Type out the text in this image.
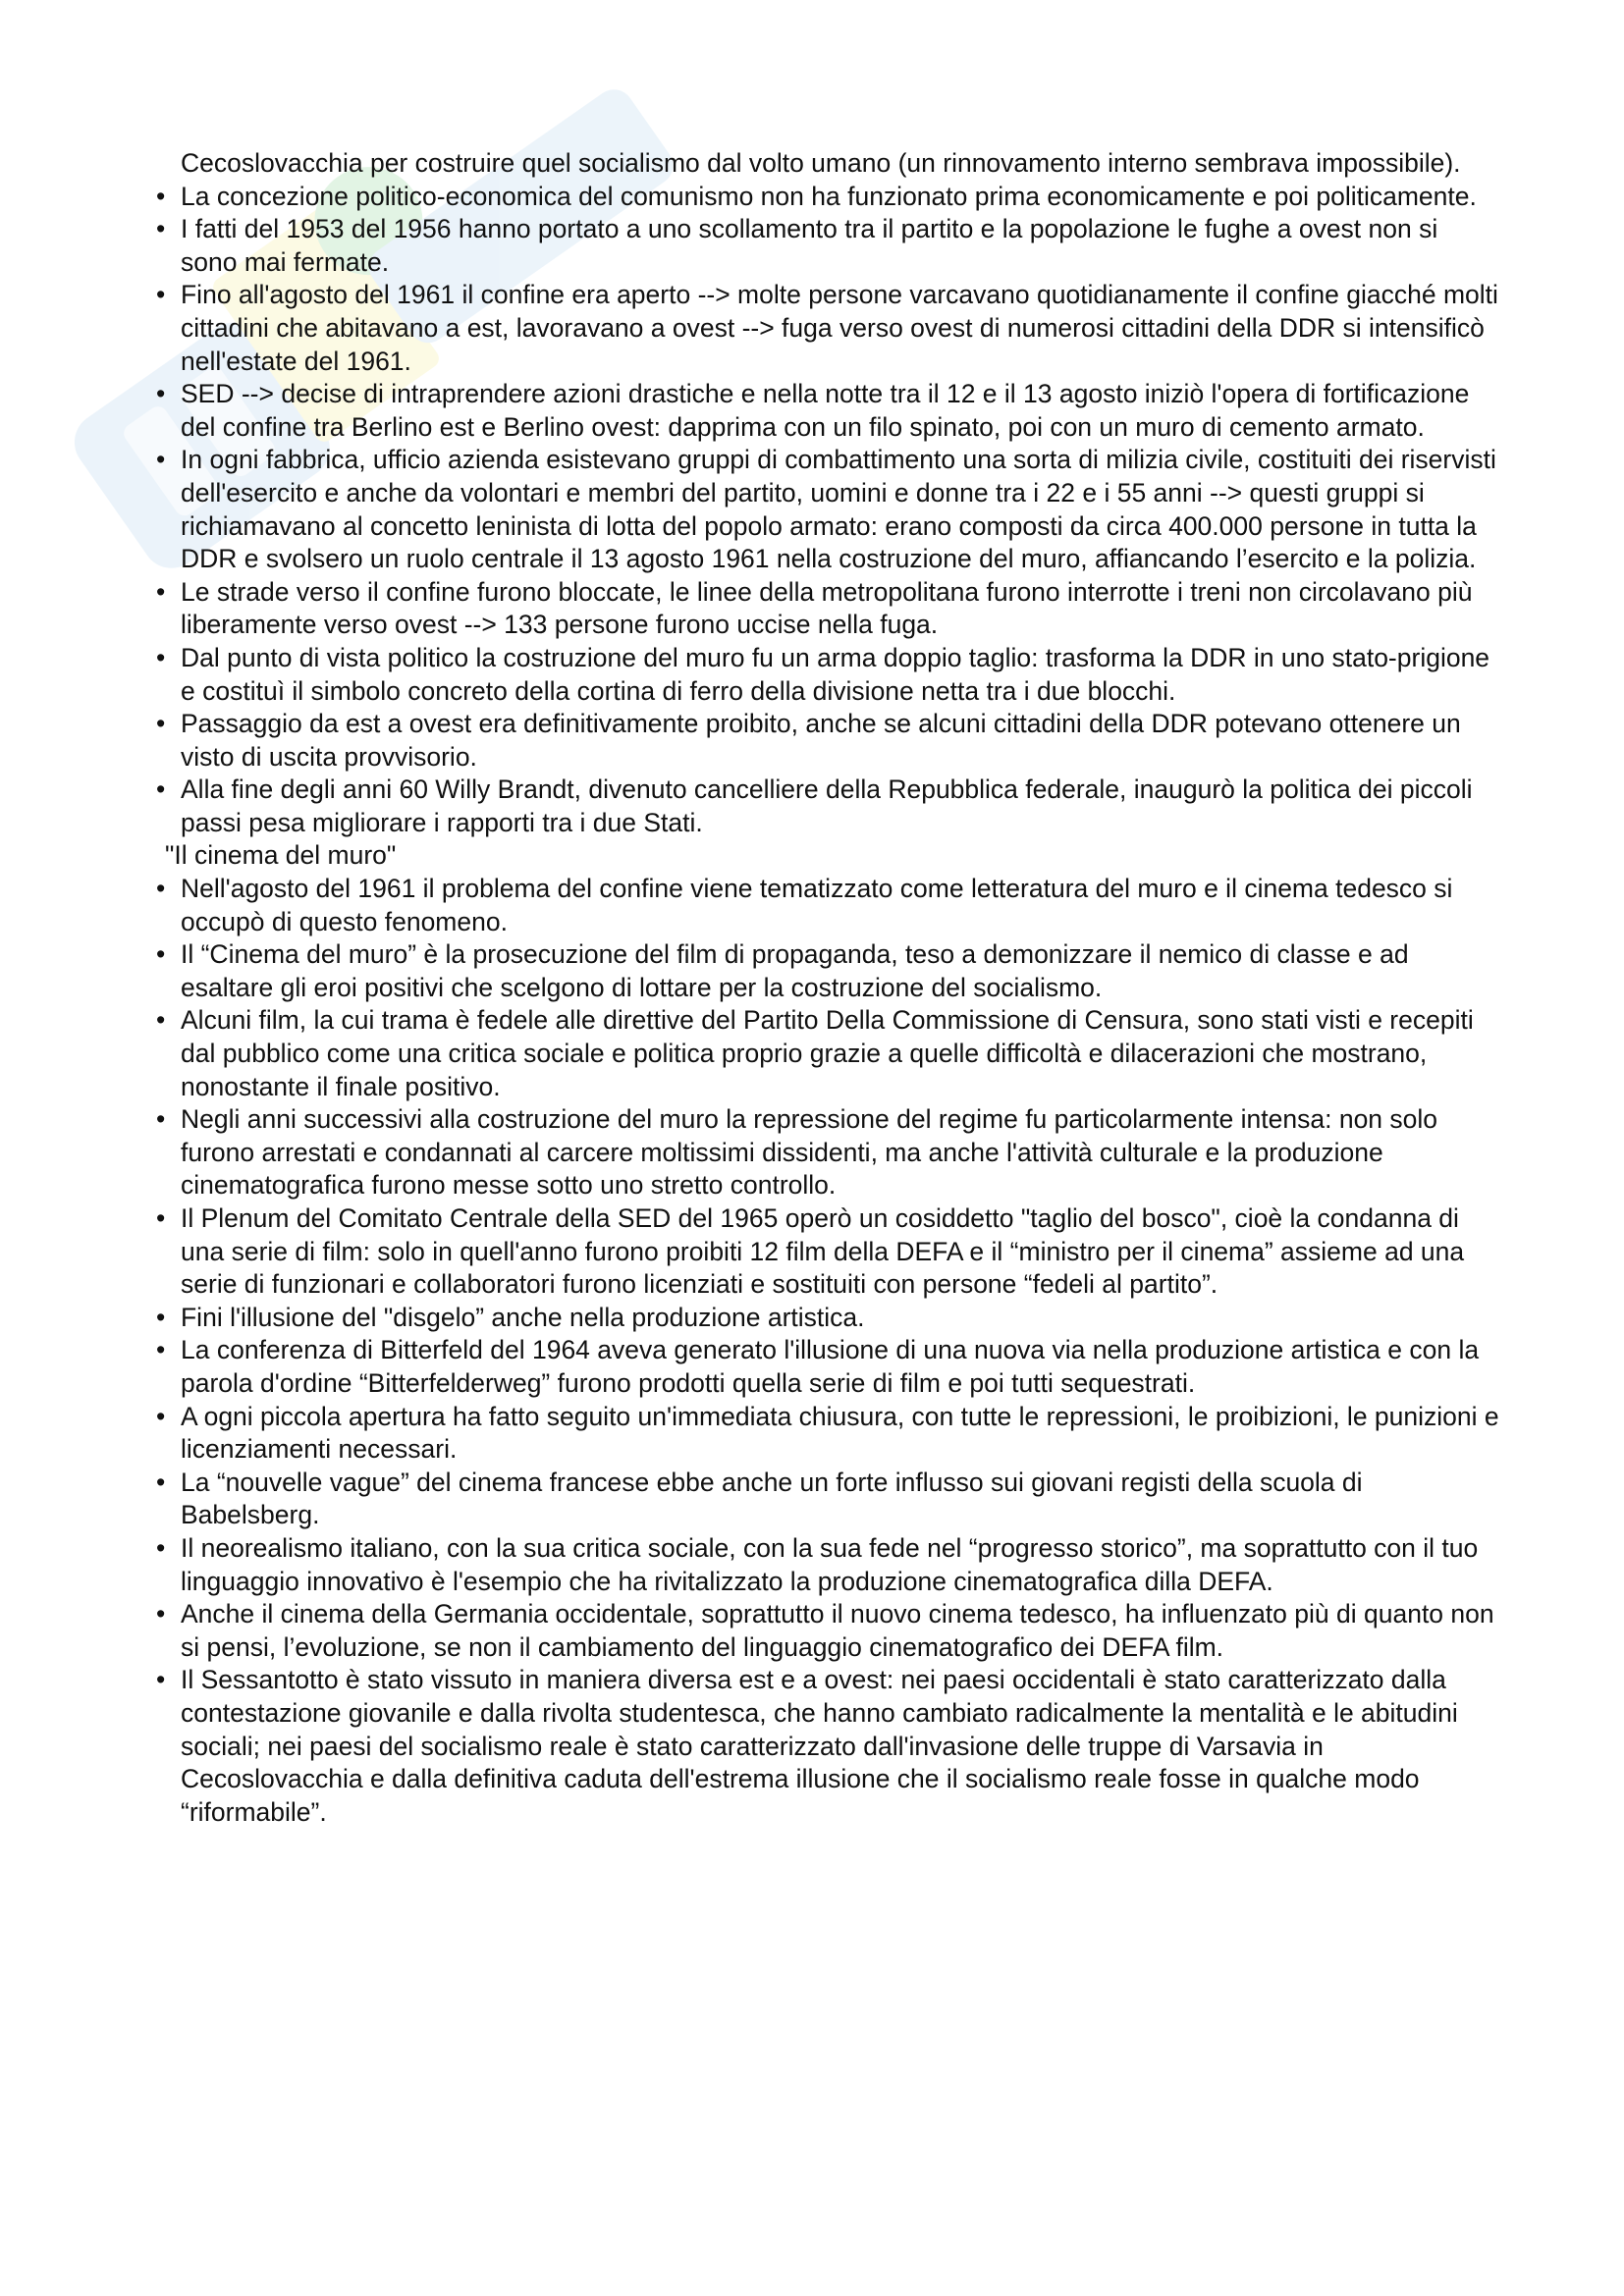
Cecoslovacchia per costruire quel socialismo dal volto umano (un rinnovamento interno sembrava impossibile).

• La concezione politico-economica del comunismo non ha funzionato prima economicamente e poi politicamente.
• I fatti del 1953 del 1956 hanno portato a uno scollamento tra il partito e la popolazione le fughe a ovest non si sono mai fermate.
• Fino all'agosto del 1961 il confine era aperto --> molte persone varcavano quotidianamente il confine giacché molti cittadini che abitavano a est, lavoravano a ovest --> fuga verso ovest di numerosi cittadini della DDR si intensificò nell'estate del 1961.
• SED --> decise di intraprendere azioni drastiche e nella notte tra il 12 e il 13 agosto iniziò l'opera di fortificazione del confine tra Berlino est e Berlino ovest: dapprima con un filo spinato, poi con un muro di cemento armato.
• In ogni fabbrica, ufficio azienda esistevano gruppi di combattimento una sorta di milizia civile, costituiti dei riservisti dell'esercito e anche da volontari e membri del partito, uomini e donne tra i 22 e i 55 anni --> questi gruppi si richiamavano al concetto leninista di lotta del popolo armato: erano composti da circa 400.000 persone in tutta la DDR e svolsero un ruolo centrale il 13 agosto 1961 nella costruzione del muro, affiancando l’esercito e la polizia.
• Le strade verso il confine furono bloccate, le linee della metropolitana furono interrotte i treni non circolavano più liberamente verso ovest --> 133 persone furono uccise nella fuga.
• Dal punto di vista politico la costruzione del muro fu un arma doppio taglio: trasforma la DDR in uno stato-prigione e costituì il simbolo concreto della cortina di ferro della divisione netta tra i due blocchi.
• Passaggio da est a ovest era definitivamente proibito, anche se alcuni cittadini della DDR potevano ottenere un visto di uscita provvisorio.
• Alla fine degli anni 60 Willy Brandt, divenuto cancelliere della Repubblica federale, inaugurò la politica dei piccoli passi pesa migliorare i rapporti tra i due Stati.

"Il cinema del muro"

• Nell'agosto del 1961 il problema del confine viene tematizzato come letteratura del muro e il cinema tedesco si occupò di questo fenomeno.
• Il “Cinema del muro” è la prosecuzione del film di propaganda, teso a demonizzare il nemico di classe e ad esaltare gli eroi positivi che scelgono di lottare per la costruzione del socialismo.
• Alcuni film, la cui trama è fedele alle direttive del Partito Della Commissione di Censura, sono stati visti e recepiti dal pubblico come una critica sociale e politica proprio grazie a quelle difficoltà e dilacerazioni che mostrano, nonostante il finale positivo.
• Negli anni successivi alla costruzione del muro la repressione del regime fu particolarmente intensa: non solo furono arrestati e condannati al carcere moltissimi dissidenti, ma anche l'attività culturale e la produzione cinematografica furono messe sotto uno stretto controllo.
• Il Plenum del Comitato Centrale della SED del 1965 operò un cosiddetto "taglio del bosco", cioè la condanna di una serie di film: solo in quell'anno furono proibiti 12 film della DEFA e il “ministro per il cinema” assieme ad una serie di funzionari e collaboratori furono licenziati e sostituiti con persone “fedeli al partito”.
• Fini l'illusione del "disgelo” anche nella produzione artistica.
• La conferenza di Bitterfeld del 1964 aveva generato l'illusione di una nuova via nella produzione artistica e con la parola d'ordine “Bitterfelderweg” furono prodotti quella serie di film e poi tutti sequestrati.
• A ogni piccola apertura ha fatto seguito un'immediata chiusura, con tutte le repressioni, le proibizioni, le punizioni e licenziamenti necessari.
• La “nouvelle vague” del cinema francese ebbe anche un forte influsso sui giovani registi della scuola di Babelsberg.
• Il neorealismo italiano, con la sua critica sociale, con la sua fede nel “progresso storico”, ma soprattutto con il tuo linguaggio innovativo è l'esempio che ha rivitalizzato la produzione cinematografica dilla DEFA.
• Anche il cinema della Germania occidentale, soprattutto il nuovo cinema tedesco, ha influenzato più di quanto non si pensi, l’evoluzione, se non il cambiamento del linguaggio cinematografico dei DEFA film.
• Il Sessantotto è stato vissuto in maniera diversa est e a ovest: nei paesi occidentali è stato caratterizzato dalla contestazione giovanile e dalla rivolta studentesca, che hanno cambiato radicalmente la mentalità e le abitudini sociali; nei paesi del socialismo reale è stato caratterizzato dall'invasione delle truppe di Varsavia in Cecoslovacchia e dalla definitiva caduta dell'estrema illusione che il socialismo reale fosse in qualche modo “riformabile”.
